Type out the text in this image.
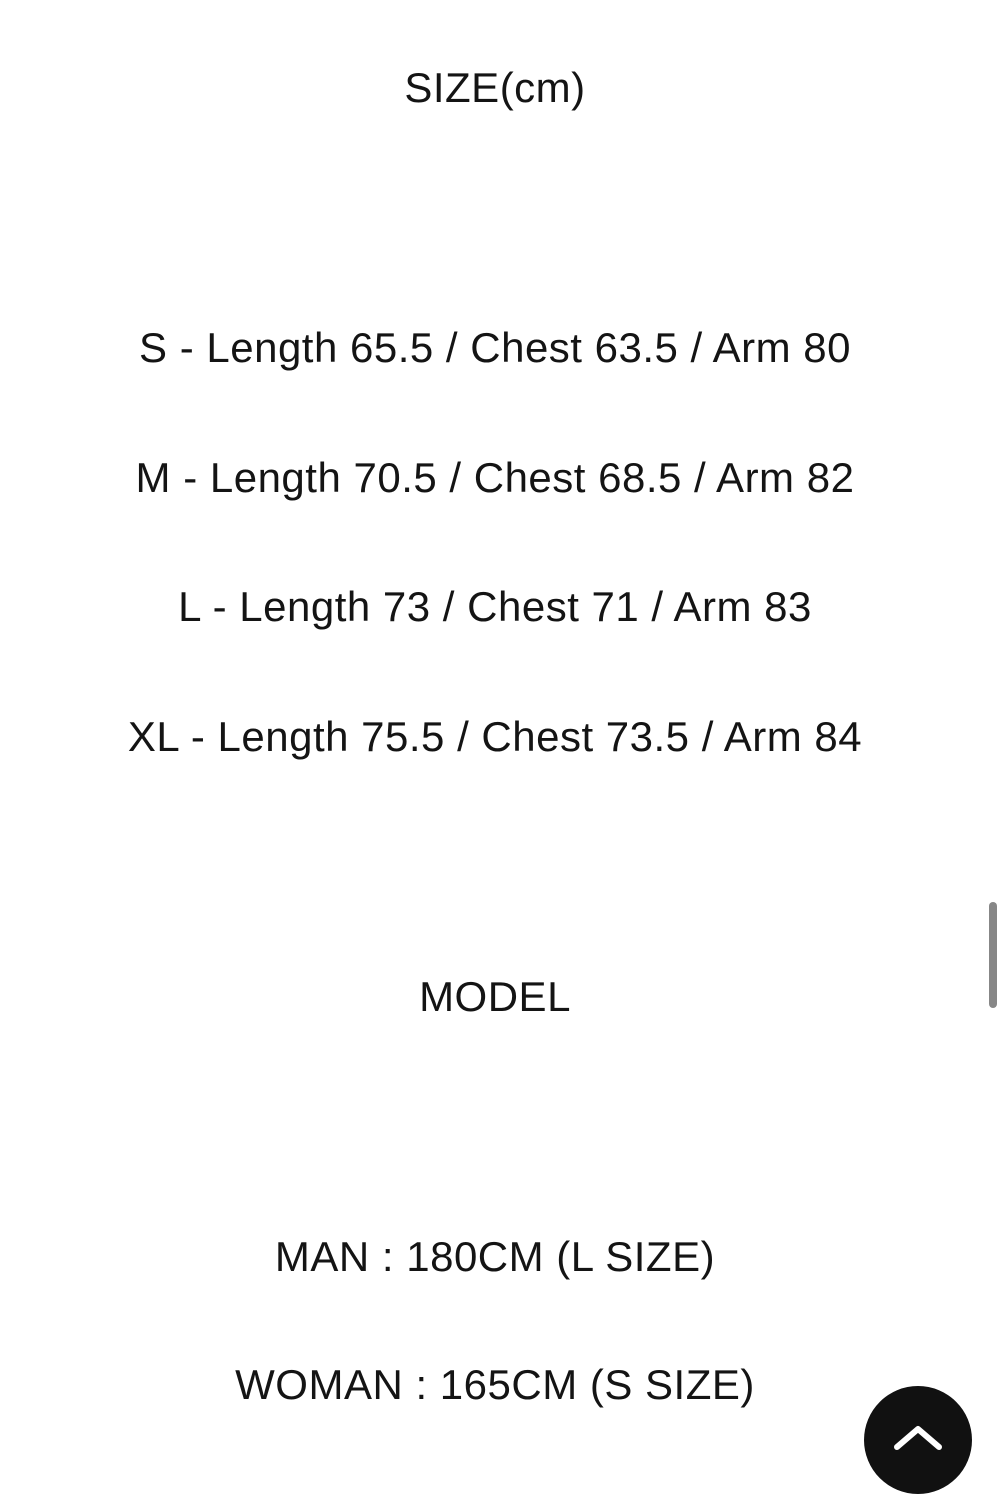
SIZE(cm)

S - Length 65.5 / Chest 63.5 / Arm 80

M - Length 70.5 / Chest 68.5 / Arm 82

L - Length 73 / Chest 71 / Arm 83

XL - Length 75.5 / Chest 73.5 / Arm 84

MODEL

MAN : 180CM (L SIZE)

WOMAN : 165CM (S SIZE)
